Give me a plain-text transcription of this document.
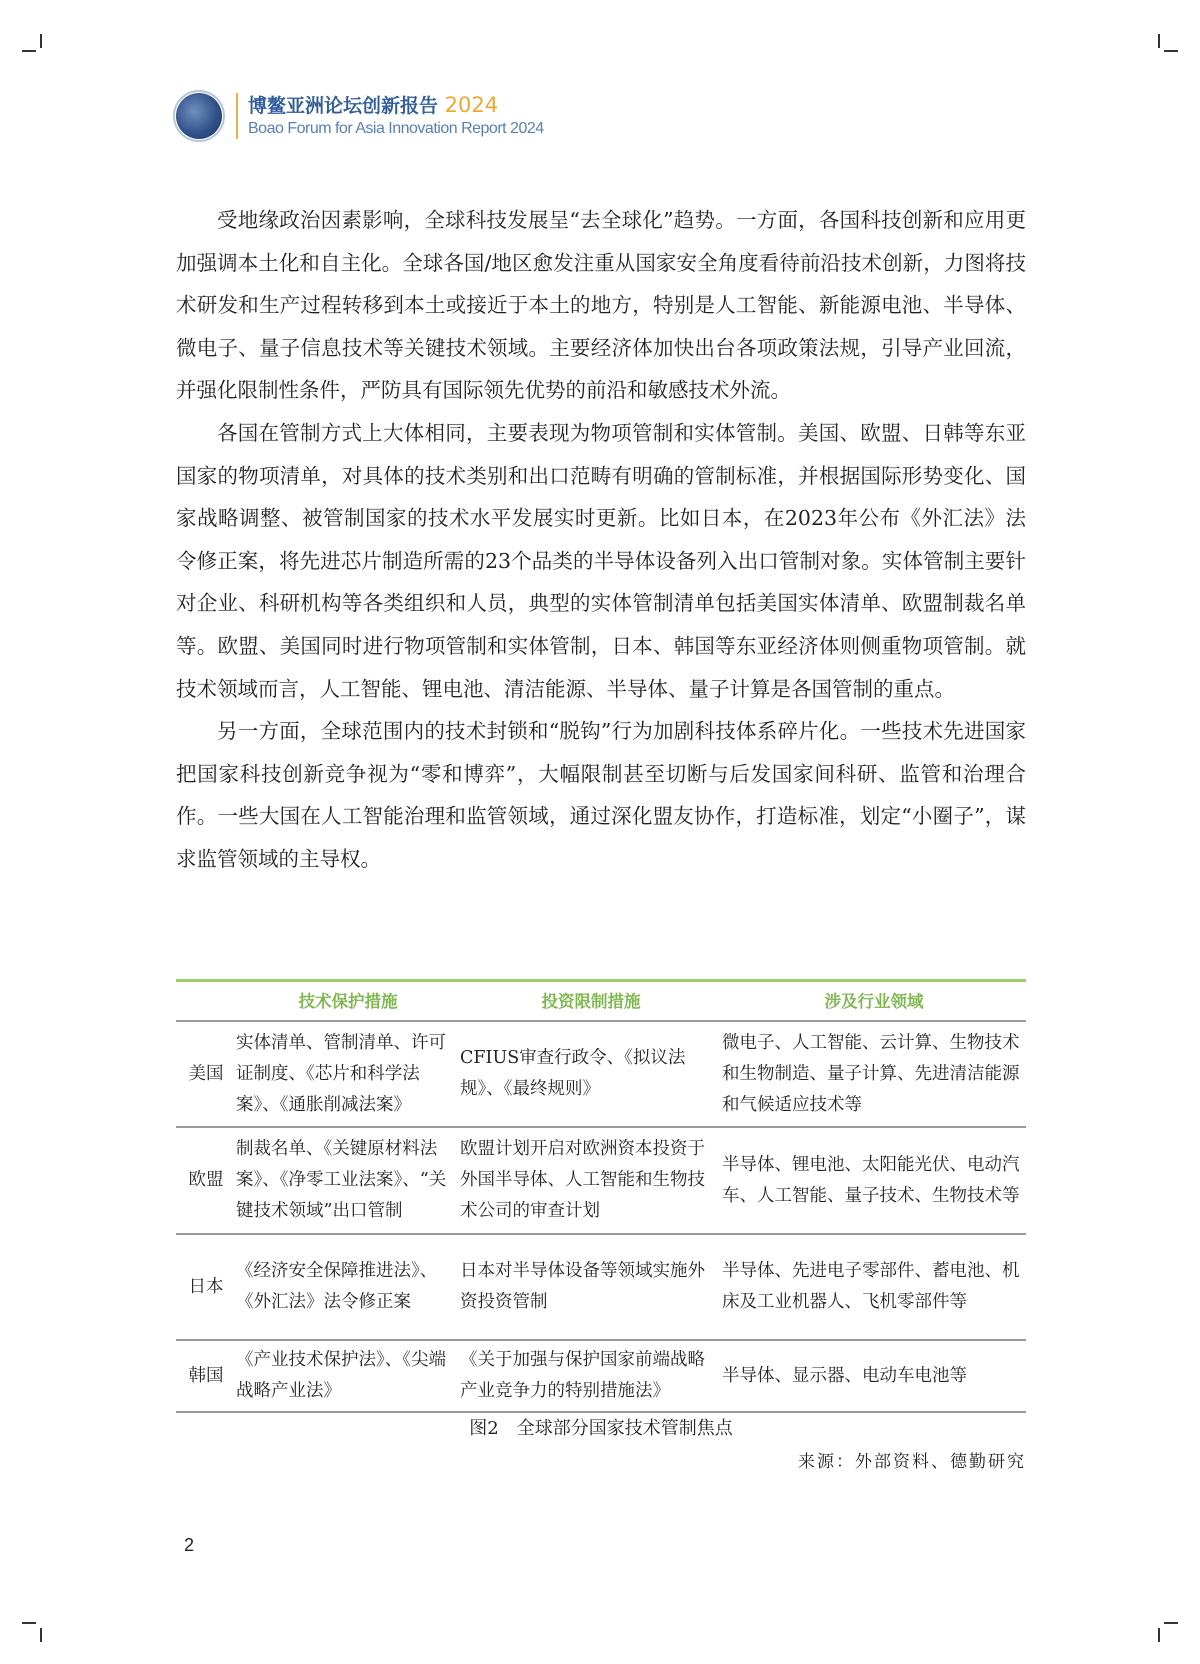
博鳌亚洲论坛创新报告 2024
Boao Forum for Asia Innovation Report 2024

受地缘政治因素影响，全球科技发展呈“去全球化”趋势。一方面，各国科技创新和应用更加强调本土化和自主化。全球各国/地区愈发注重从国家安全角度看待前沿技术创新，力图将技术研发和生产过程转移到本土或接近于本土的地方，特别是人工智能、新能源电池、半导体、微电子、量子信息技术等关键技术领域。主要经济体加快出台各项政策法规，引导产业回流，并强化限制性条件，严防具有国际领先优势的前沿和敏感技术外流。

各国在管制方式上大体相同，主要表现为物项管制和实体管制。美国、欧盟、日韩等东亚国家的物项清单，对具体的技术类别和出口范畴有明确的管制标准，并根据国际形势变化、国家战略调整、被管制国家的技术水平发展实时更新。比如日本，在2023年公布《外汇法》法令修正案，将先进芯片制造所需的23个品类的半导体设备列入出口管制对象。实体管制主要针对企业、科研机构等各类组织和人员，典型的实体管制清单包括美国实体清单、欧盟制裁名单等。欧盟、美国同时进行物项管制和实体管制，日本、韩国等东亚经济体则侧重物项管制。就技术领域而言，人工智能、锂电池、清洁能源、半导体、量子计算是各国管制的重点。

另一方面，全球范围内的技术封锁和“脱钩”行为加剧科技体系碎片化。一些技术先进国家把国家科技创新竞争视为“零和博弈”，大幅限制甚至切断与后发国家间科研、监管和治理合作。一些大国在人工智能治理和监管领域，通过深化盟友协作，打造标准，划定“小圈子”，谋求监管领域的主导权。

	技术保护措施	投资限制措施	涉及行业领域
美国	实体清单、管制清单、许可证制度、《芯片和科学法案》、《通胀削减法案》	CFIUS审查行政令、《拟议法规》、《最终规则》	微电子、人工智能、云计算、生物技术和生物制造、量子计算、先进清洁能源和气候适应技术等
欧盟	制裁名单、《关键原材料法案》、《净零工业法案》、“关键技术领域”出口管制	欧盟计划开启对欧洲资本投资于外国半导体、人工智能和生物技术公司的审查计划	半导体、锂电池、太阳能光伏、电动汽车、人工智能、量子技术、生物技术等
日本	《经济安全保障推进法》、《外汇法》法令修正案	日本对半导体设备等领域实施外资投资管制	半导体、先进电子零部件、蓄电池、机床及工业机器人、飞机零部件等
韩国	《产业技术保护法》、《尖端战略产业法》	《关于加强与保护国家前端战略产业竞争力的特别措施法》	半导体、显示器、电动车电池等
图2　全球部分国家技术管制焦点
来源：外部资料、德勤研究
2
